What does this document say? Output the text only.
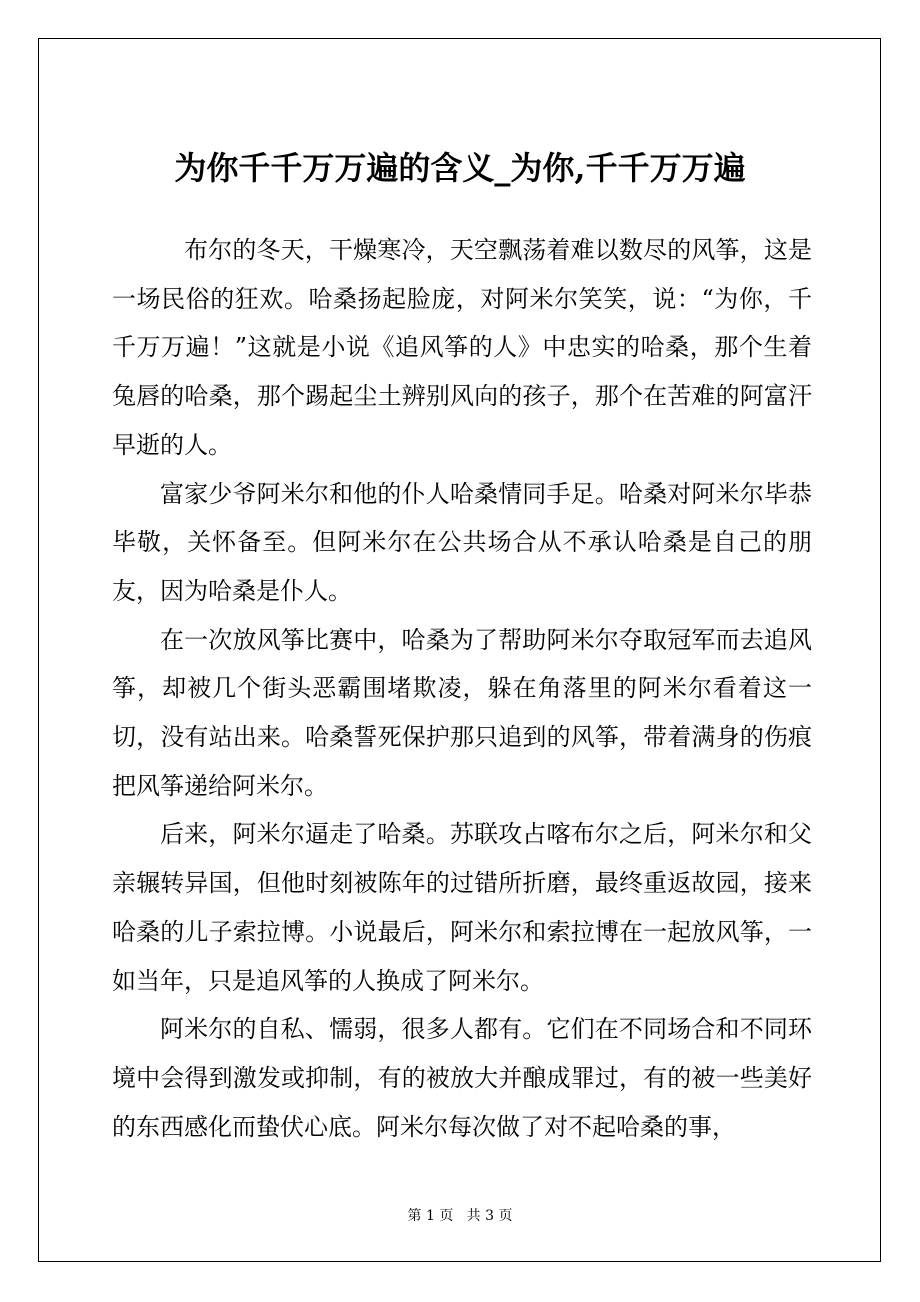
为你千千万万遍的含义_为你,千千万万遍

布尔的冬天，干燥寒冷，天空飘荡着难以数尽的风筝，这是一场民俗的狂欢。哈桑扬起脸庞，对阿米尔笑笑，说：“为你，千千万万遍！”这就是小说《追风筝的人》中忠实的哈桑，那个生着兔唇的哈桑，那个踢起尘土辨别风向的孩子，那个在苦难的阿富汗早逝的人。

富家少爷阿米尔和他的仆人哈桑情同手足。哈桑对阿米尔毕恭毕敬，关怀备至。但阿米尔在公共场合从不承认哈桑是自己的朋友，因为哈桑是仆人。

在一次放风筝比赛中，哈桑为了帮助阿米尔夺取冠军而去追风筝，却被几个街头恶霸围堵欺凌，躲在角落里的阿米尔看着这一切，没有站出来。哈桑誓死保护那只追到的风筝，带着满身的伤痕把风筝递给阿米尔。

后来，阿米尔逼走了哈桑。苏联攻占喀布尔之后，阿米尔和父亲辗转异国，但他时刻被陈年的过错所折磨，最终重返故园，接来哈桑的儿子索拉博。小说最后，阿米尔和索拉博在一起放风筝，一如当年，只是追风筝的人换成了阿米尔。

阿米尔的自私、懦弱，很多人都有。它们在不同场合和不同环境中会得到激发或抑制，有的被放大并酿成罪过，有的被一些美好的东西感化而蛰伏心底。阿米尔每次做了对不起哈桑的事，

第 1 页   共 3 页
